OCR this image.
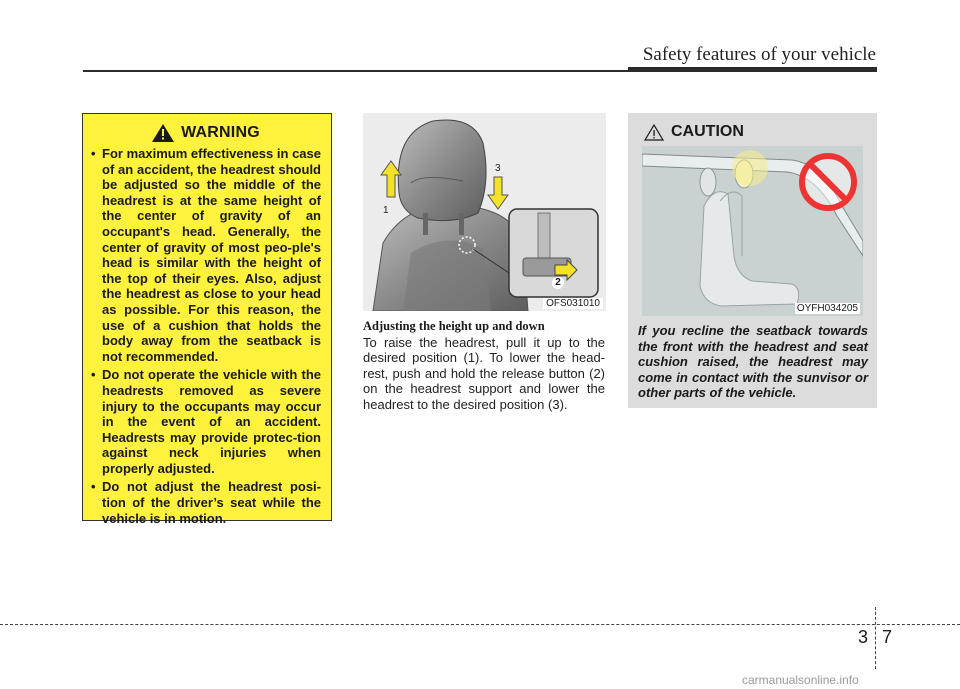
Safety features of your vehicle
WARNING
• For maximum effectiveness in case of an accident, the headrest should be adjusted so the middle of the headrest is at the same height of the center of gravity of an occupant's head. Generally, the center of gravity of most peo-ple's head is similar with the height of the top of their eyes. Also, adjust the headrest as close to your head as possible. For this reason, the use of a cushion that holds the body away from the seatback is not recommended.
• Do not operate the vehicle with the headrests removed as severe injury to the occupants may occur in the event of an accident. Headrests may provide protec-tion against neck injuries when properly adjusted.
• Do not adjust the headrest posi-tion of the driver’s seat while the vehicle is in motion.
1
3
2
OFS031010
Adjusting the height up and down

To raise the headrest, pull it up to the desired position (1). To lower the head-rest, push and hold the release button (2) on the headrest support and lower the headrest to the desired position (3).

CAUTION
OYFH034205

If you recline the seatback towards the front with the headrest and seat cushion raised, the headrest may come in contact with the sunvisor or other parts of the vehicle.

3 7
carmanualsonline.info
